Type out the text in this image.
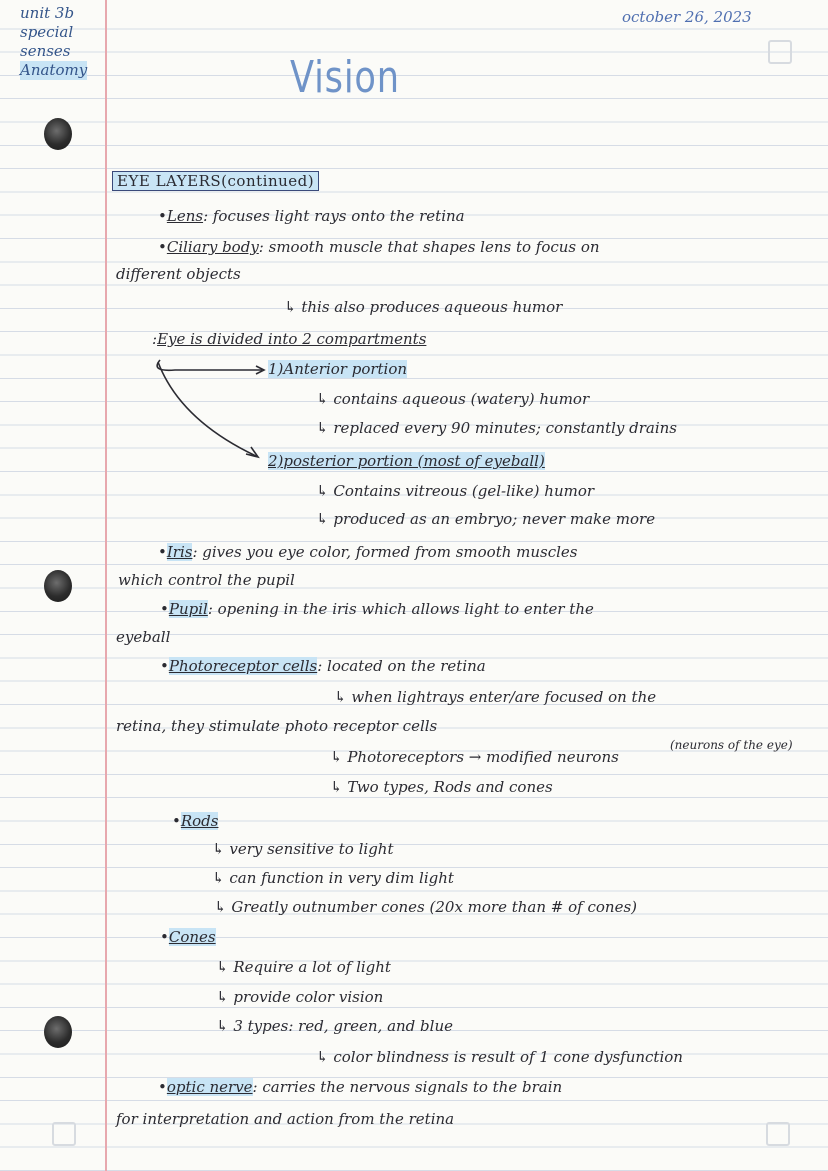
unit 3b
special
senses
Anatomy
october 26, 2023
Vision
EYE LAYERS(continued)
•Lens: focuses light rays onto the retina
•Ciliary body: smooth muscle that shapes lens to focus on
different objects
↳ this also produces aqueous humor
:Eye is divided into 2 compartments
1)Anterior portion
↳ contains aqueous (watery) humor
↳ replaced every 90 minutes; constantly drains
2)posterior portion (most of eyeball)
↳ Contains vitreous (gel-like) humor
↳ produced as an embryo; never make more
•Iris: gives you eye color, formed from smooth muscles
which control the pupil
•Pupil: opening in the iris which allows light to enter the
eyeball
•Photoreceptor cells: located on the retina
↳ when lightrays enter/are focused on the
retina, they stimulate photo receptor cells
↳ Photoreceptors → modified neurons
(neurons of the eye)
↳ Two types, Rods and cones
•Rods
↳ very sensitive to light
↳ can function in very dim light
↳ Greatly outnumber cones (20x more than # of cones)
•Cones
↳ Require a lot of light
↳ provide color vision
↳ 3 types: red, green, and blue
↳ color blindness is result of 1 cone dysfunction
•optic nerve: carries the nervous signals to the brain
for interpretation and action from the retina
